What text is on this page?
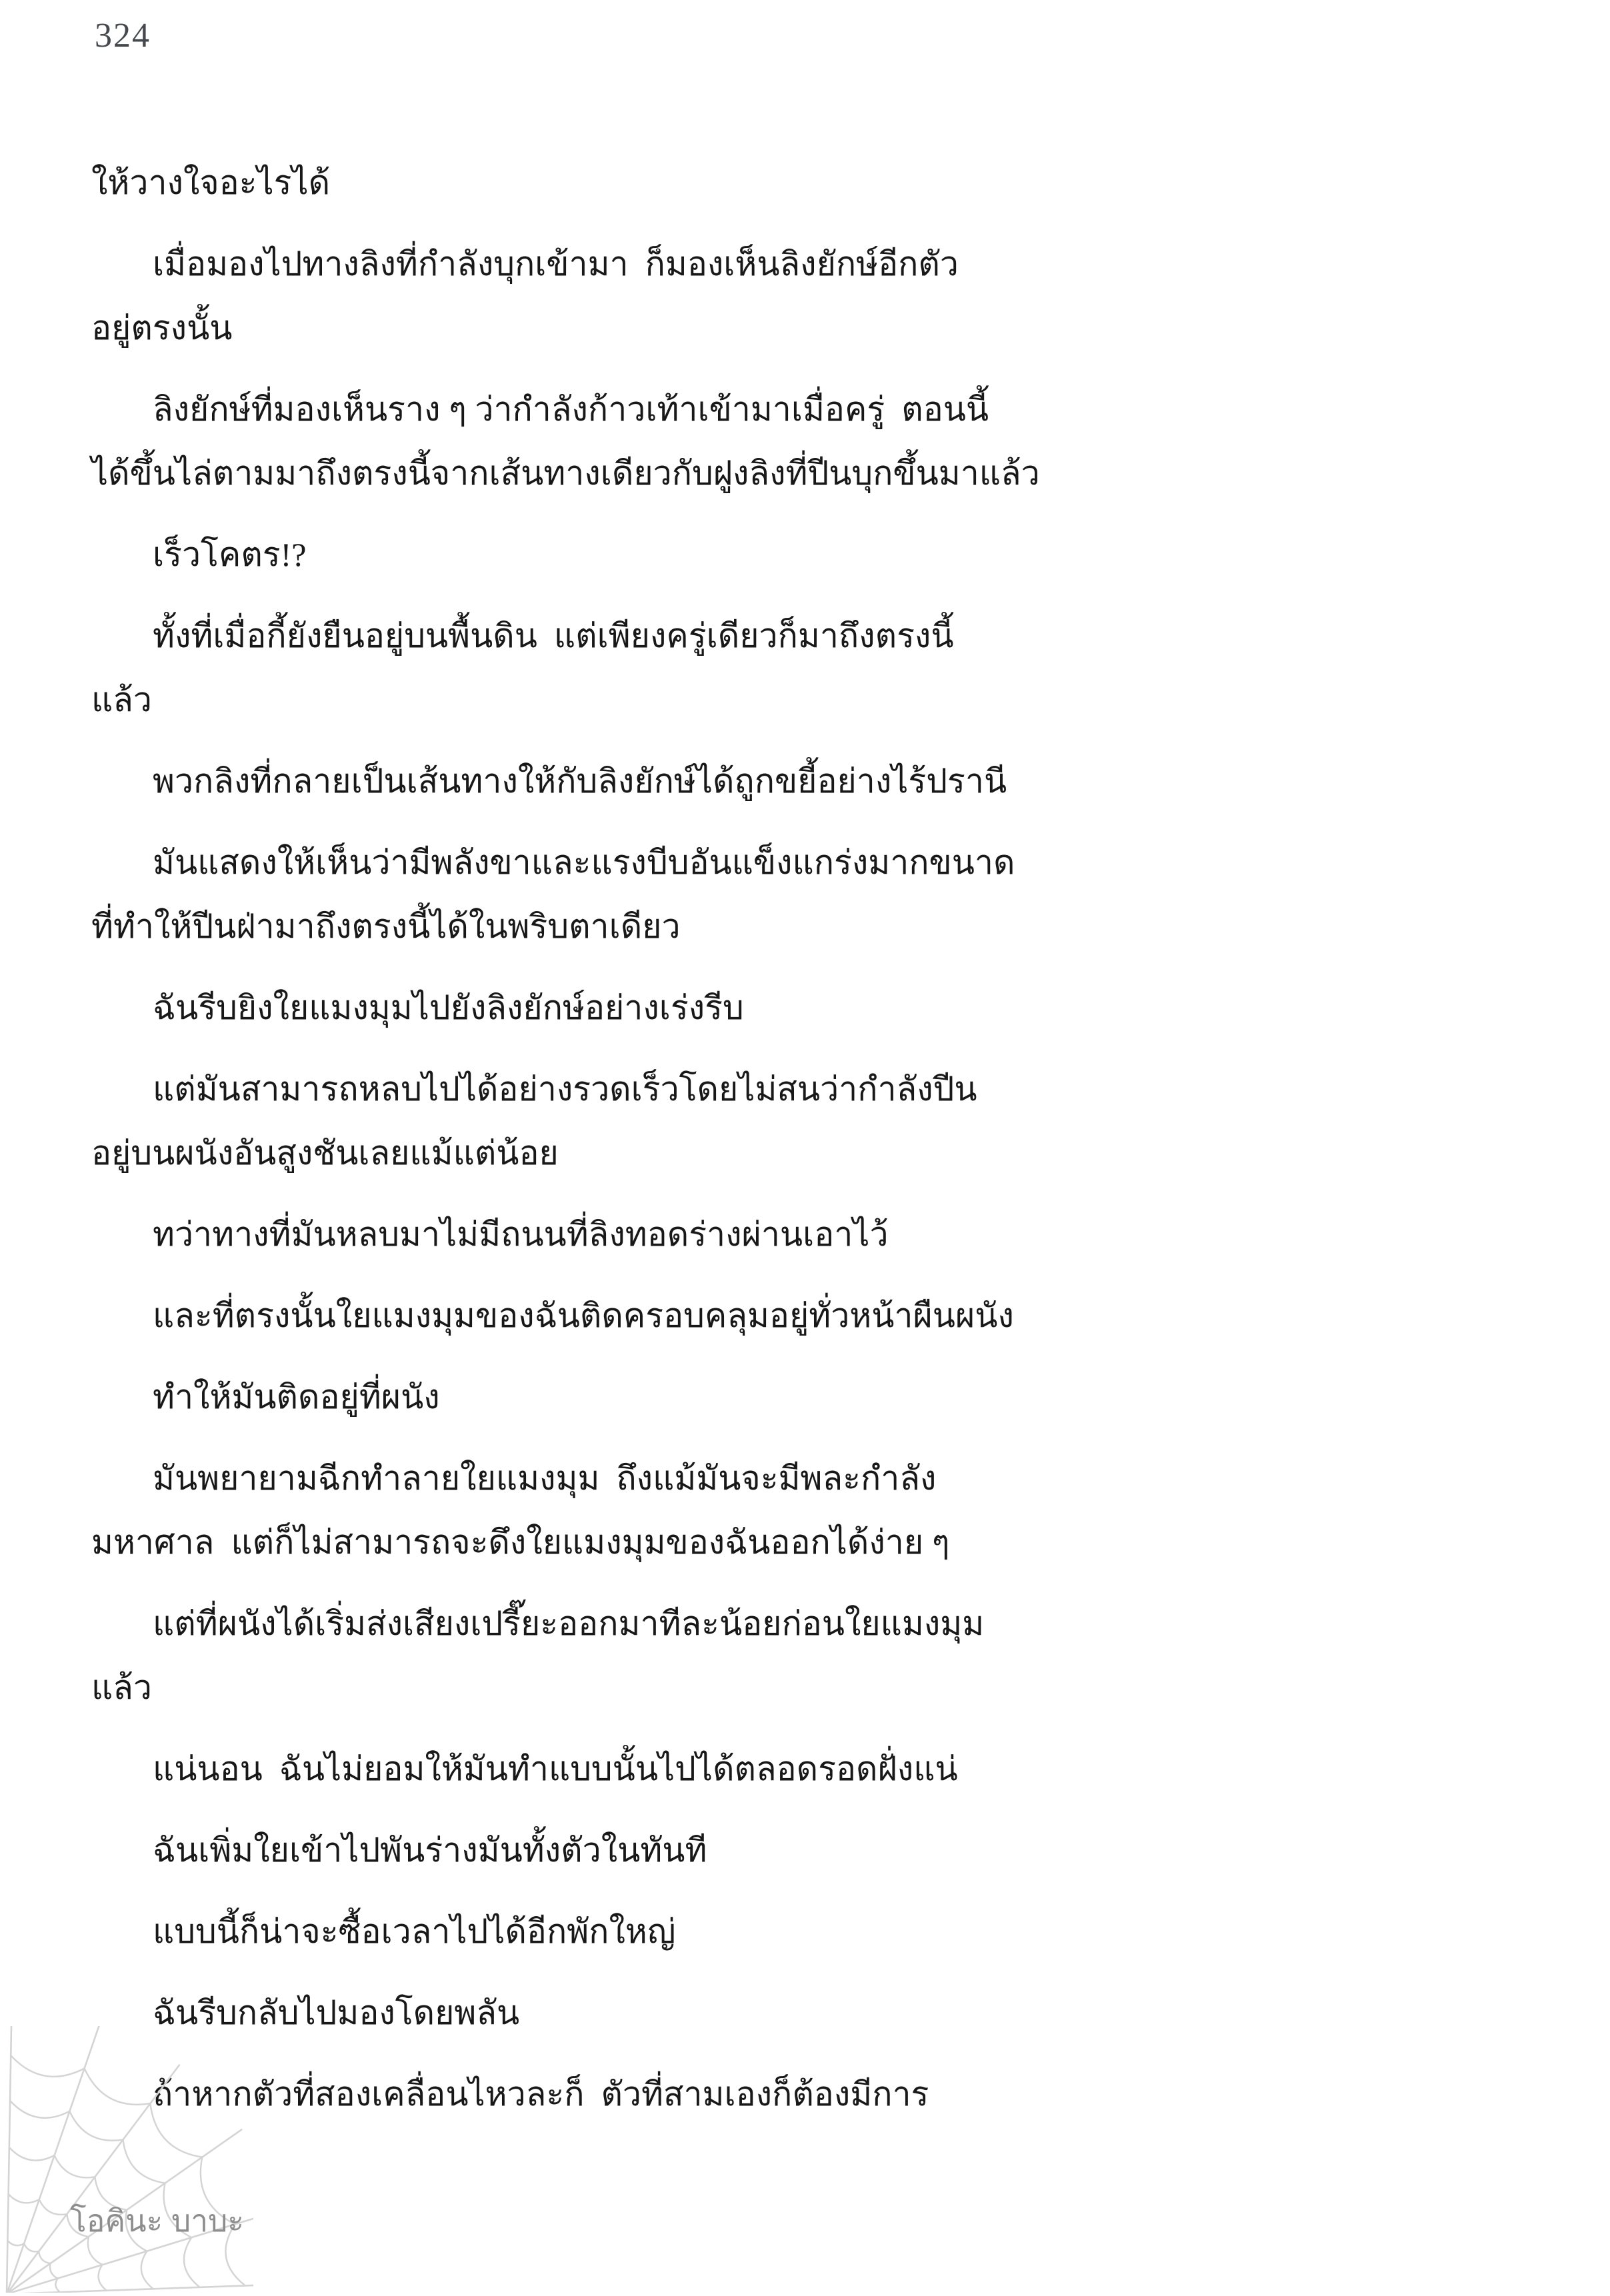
324
ให้วางใจอะไรได้
เมื่อมองไปทางลิงที่กำลังบุกเข้ามา  ก็มองเห็นลิงยักษ์อีกตัว
อยู่ตรงนั้น
ลิงยักษ์ที่มองเห็นราง ๆ ว่ากำลังก้าวเท้าเข้ามาเมื่อครู่  ตอนนี้
ได้ขึ้นไล่ตามมาถึงตรงนี้จากเส้นทางเดียวกับฝูงลิงที่ปีนบุกขึ้นมาแล้ว
เร็วโคตร!?
ทั้งที่เมื่อกี้ยังยืนอยู่บนพื้นดิน  แต่เพียงครู่เดียวก็มาถึงตรงนี้
แล้ว
พวกลิงที่กลายเป็นเส้นทางให้กับลิงยักษ์ได้ถูกขยี้อย่างไร้ปรานี
มันแสดงให้เห็นว่ามีพลังขาและแรงบีบอันแข็งแกร่งมากขนาด
ที่ทำให้ปีนฝ่ามาถึงตรงนี้ได้ในพริบตาเดียว
ฉันรีบยิงใยแมงมุมไปยังลิงยักษ์อย่างเร่งรีบ
แต่มันสามารถหลบไปได้อย่างรวดเร็วโดยไม่สนว่ากำลังปีน
อยู่บนผนังอันสูงชันเลยแม้แต่น้อย
ทว่าทางที่มันหลบมาไม่มีถนนที่ลิงทอดร่างผ่านเอาไว้
และที่ตรงนั้นใยแมงมุมของฉันติดครอบคลุมอยู่ทั่วหน้าผืนผนัง
ทำให้มันติดอยู่ที่ผนัง
มันพยายามฉีกทำลายใยแมงมุม  ถึงแม้มันจะมีพละกำลัง
มหาศาล  แต่ก็ไม่สามารถจะดึงใยแมงมุมของฉันออกได้ง่าย ๆ
แต่ที่ผนังได้เริ่มส่งเสียงเปรี๊ยะออกมาทีละน้อยก่อนใยแมงมุม
แล้ว
แน่นอน  ฉันไม่ยอมให้มันทำแบบนั้นไปได้ตลอดรอดฝั่งแน่
ฉันเพิ่มใยเข้าไปพันร่างมันทั้งตัวในทันที
แบบนี้ก็น่าจะซื้อเวลาไปได้อีกพักใหญ่
ฉันรีบกลับไปมองโดยพลัน
ถ้าหากตัวที่สองเคลื่อนไหวละก็  ตัวที่สามเองก็ต้องมีการ
โอคินะ บาบะ
